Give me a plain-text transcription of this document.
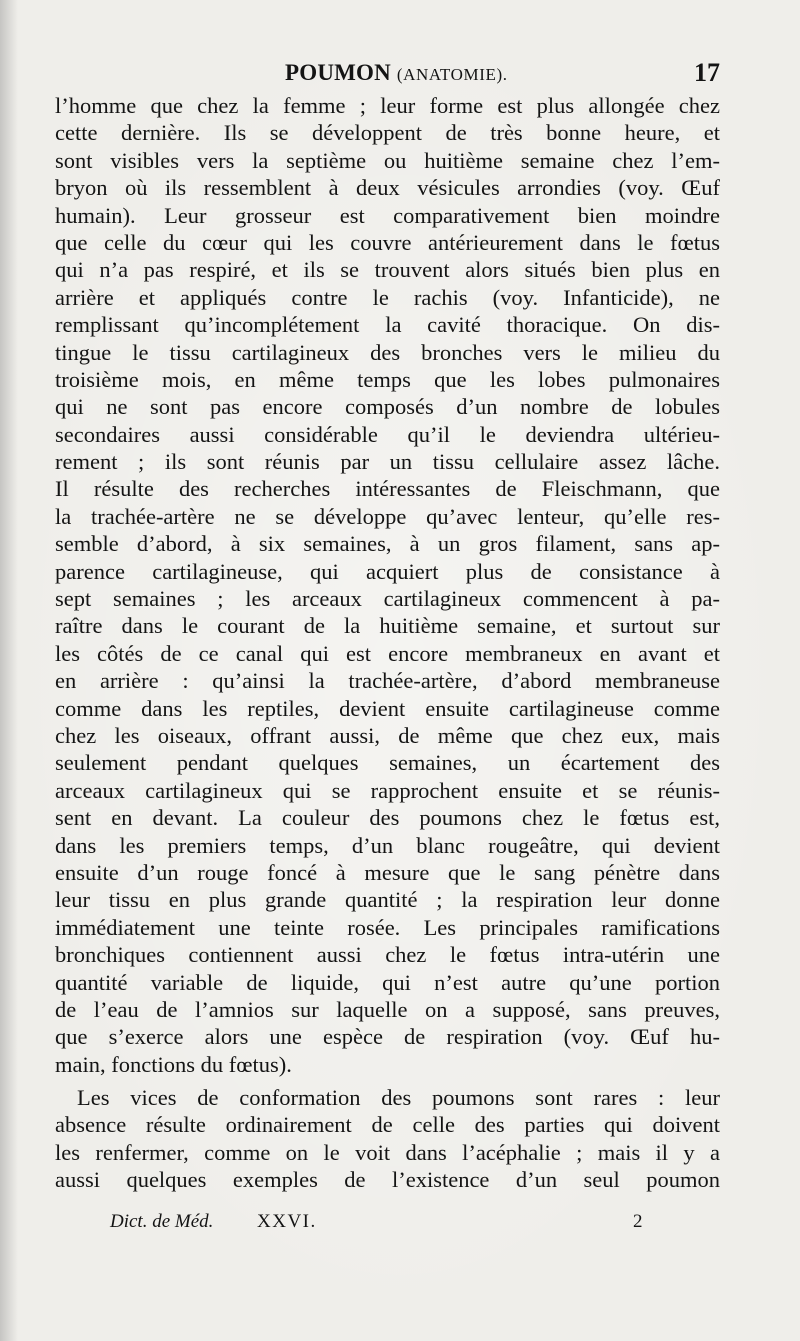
POUMON (ANATOMIE).	17
l’homme que chez la femme ; leur forme est plus allongée chez
cette dernière. Ils se développent de très bonne heure, et
sont visibles vers la septième ou huitième semaine chez l’em-
bryon où ils ressemblent à deux vésicules arrondies (voy. Œuf
humain). Leur grosseur est comparativement bien moindre
que celle du cœur qui les couvre antérieurement dans le fœtus
qui n’a pas respiré, et ils se trouvent alors situés bien plus en
arrière et appliqués contre le rachis (voy. Infanticide), ne
remplissant qu’incomplétement la cavité thoracique. On dis-
tingue le tissu cartilagineux des bronches vers le milieu du
troisième mois, en même temps que les lobes pulmonaires
qui ne sont pas encore composés d’un nombre de lobules
secondaires aussi considérable qu’il le deviendra ultérieu-
rement ; ils sont réunis par un tissu cellulaire assez lâche.
Il résulte des recherches intéressantes de Fleischmann, que
la trachée-artère ne se développe qu’avec lenteur, qu’elle res-
semble d’abord, à six semaines, à un gros filament, sans ap-
parence cartilagineuse, qui acquiert plus de consistance à
sept semaines ; les arceaux cartilagineux commencent à pa-
raître dans le courant de la huitième semaine, et surtout sur
les côtés de ce canal qui est encore membraneux en avant et
en arrière : qu’ainsi la trachée-artère, d’abord membraneuse
comme dans les reptiles, devient ensuite cartilagineuse comme
chez les oiseaux, offrant aussi, de même que chez eux, mais
seulement pendant quelques semaines, un écartement des
arceaux cartilagineux qui se rapprochent ensuite et se réunis-
sent en devant. La couleur des poumons chez le fœtus est,
dans les premiers temps, d’un blanc rougeâtre, qui devient
ensuite d’un rouge foncé à mesure que le sang pénètre dans
leur tissu en plus grande quantité ; la respiration leur donne
immédiatement une teinte rosée. Les principales ramifications
bronchiques contiennent aussi chez le fœtus intra-utérin une
quantité variable de liquide, qui n’est autre qu’une portion
de l’eau de l’amnios sur laquelle on a supposé, sans preuves,
que s’exerce alors une espèce de respiration (voy. Œuf hu-
main, fonctions du fœtus).
Les vices de conformation des poumons sont rares : leur
absence résulte ordinairement de celle des parties qui doivent
les renfermer, comme on le voit dans l’acéphalie ; mais il y a
aussi quelques exemples de l’existence d’un seul poumon
Dict. de Méd. XXVI.	2
